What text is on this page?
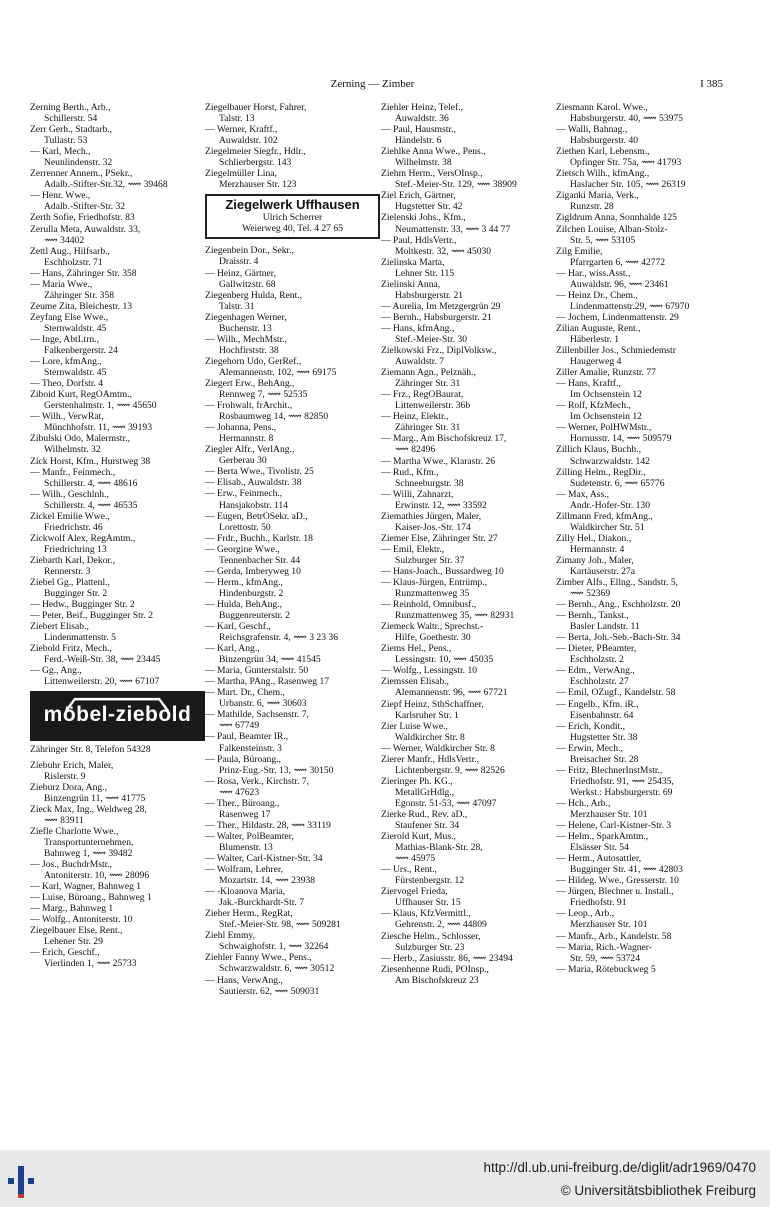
Zerning — Zimber	I 385
Zerning Berth., Arb.,
Schillerstr. 54
Zerr Gerh., Stadtarb.,
Tullastr. 53
— Karl, Mech.,
Neunlindenstr. 32
Zerrenner Annem., PSekr.,
Adalb.-Stifter-Str.32, ⟿ 39468
— Henr. Wwe.,
Adalb.-Stifter-Str. 32
Zerth Sofie, Friedhofstr. 83
Zerulla Meta, Auwaldstr. 33,
⟿ 34402
Zettl Aug., Hilfsarb.,
Eschholzstr. 71
— Hans, Zähringer Str. 358
— Maria Wwe.,
Zähringer Str. 358
Zeume Zita, Bleichestr. 13
Zeyfang Else Wwe.,
Sternwaldstr. 45
— Inge, AbtLtrn.,
Falkenbergerstr. 24
— Lore, kfmAng.,
Sternwaldstr. 45
— Theo, Dorfstr. 4
Ziboid Kurt, RegOAmtm.,
Gerstenhalmstr. 1, ⟿ 45650
— Wilh., VerwRat,
Münchhofstr. 11, ⟿ 39193
Zibulski Odo, Malermstr.,
Wilhelmstr. 32
Zick Horst, Kfm., Hurstweg 38
— Manfr., Feinmech.,
Schillerstr. 4, ⟿ 48616
— Wilh., Geschlnh.,
Schillerstr. 4, ⟿ 46535
Zickel Emilie Wwe.,
Friedrichstr. 46
Zickwolf Alex, RegAmtm.,
Friedrichring 13
Ziebarth Karl, Dekor.,
Rennerstr. 3
Ziebel Gg., Plattenl.,
Bugginger Str. 2
— Hedw., Bugginger Str. 2
— Peter, Beif., Bugginger Str. 2
Ziebert Elisab.,
Lindenmattenstr. 5
Ziebold Fritz, Mech.,
Ferd.-Weiß-Str. 38, ⟿ 23445
— Gg., Ang.,
Littenweilerstr. 20, ⟿ 67107
möbel-ziebold
Zähringer Str. 8, Telefon 54328
Ziebuhr Erich, Maler,
Rislerstr. 9
Zieburz Dora, Ang.,
Binzengrün 11, ⟿ 41775
Zieck Max, Ing., Weldweg 28,
⟿ 83911
Ziefle Charlotte Wwe.,
Transportunternehmen,
Bahnweg 1, ⟿ 39482
— Jos., BuchdrMstr.,
Antoniterstr. 10, ⟿ 28096
— Karl, Wagner, Bahnweg 1
— Luise, Büroang., Bahnweg 1
— Marg., Bahnweg 1
— Wolfg., Antoniterstr. 10
Ziegelbauer Else, Rent.,
Lehener Str. 29
— Erich, Geschf.,
Vierlinden 1, ⟿ 25733
Ziegelbauer Horst, Fahrer,
Talstr. 13
— Werner, Kraftf.,
Auwaldstr. 102
Ziegelmeier Siegfr., Hdlr.,
Schlierbergstr. 143
Ziegelmüller Lina,
Merzhauser Str. 123
Ziegelwerk Uffhausen
Ulrich Scherrer
Weierweg 40, Tel. 4 27 65
Ziegenbein Dor., Sekr.,
Draisstr. 4
— Heinz, Gärtner,
Gallwitzstr. 68
Ziegenberg Hulda, Rent.,
Talstr. 31
Ziegenhagen Werner,
Buchenstr. 13
— Wilh., MechMstr.,
Hochfirststr. 38
Ziegehorn Udo, GerRef.,
Alemannenstr. 102, ⟿ 69175
Ziegert Erw., BehAng.,
Rennweg 7, ⟿ 52535
— Frohwalt, frArchit.,
Rosbaumweg 14, ⟿ 82850
— Johanna, Pens.,
Hermannstr. 8
Ziegler Alfr., VerlAng.,
Gerberau 30
— Berta Wwe., Tivolistr. 25
— Elisab., Auwaldstr. 38
— Erw., Feinmech.,
Hansjakobstr. 114
— Eugen, BetrOSekr. aD.,
Lorettostr. 50
— Frdr., Buchh., Karlstr. 18
— Georgine Wwe.,
Tennenbacher Str. 44
— Gerda, Imberyweg 10
— Herm., kfmAng.,
Hindenburgstr. 2
— Hulda, BehAng.,
Buggenreuterstr. 2
— Karl, Geschf.,
Reichsgrafenstr. 4, ⟿ 3 23 36
— Karl, Ang.,
Binzengrün 34, ⟿ 41545
— Maria, Gunterstalstr. 50
— Martha, PAng., Rasenweg 17
— Mart. Dr., Chem.,
Urbanstr. 6, ⟿ 30603
— Mathilde, Sachsenstr. 7,
⟿ 67749
— Paul, Beamter IR.,
Falkensteinstr. 3
— Paula, Büroang.,
Prinz-Eug.-Str. 13, ⟿ 30150
— Rosa, Verk., Kirchstr. 7,
⟿ 47623
— Ther., Büroang.,
Rasenweg 17
— Ther., Hildastr. 28, ⟿ 33119
— Walter, PolBeamter,
Blumenstr. 13
— Walter, Carl-Kistner-Str. 34
— Wolfram, Lehrer,
Mozartstr. 14, ⟿ 23938
— -Kloanova Maria,
Jak.-Burckhardt-Str. 7
Zieher Herm., RegRat,
Stef.-Meier-Str. 98, ⟿ 509281
Ziehl Emmy,
Schwaighofstr. 1, ⟿ 32264
Ziehler Fanny Wwe., Pens.,
Schwarzwaldstr. 6, ⟿ 30512
— Hans, VerwAng.,
Sautierstr. 62, ⟿ 509031
Ziehler Heinz, Telef.,
Auwaldstr. 36
— Paul, Hausmstr.,
Händelstr. 6
Ziehlke Anna Wwe., Pens.,
Wilhelmstr. 38
Ziehm Herm., VersOInsp.,
Stef.-Meier-Str. 129, ⟿ 38909
Ziel Erich, Gärtner,
Hugstetter Str. 42
Zielenski Johs., Kfm.,
Neumattenstr. 33, ⟿ 3 44 77
— Paul, HdlsVertr.,
Moltkestr. 32, ⟿ 45030
Zielinska Marta,
Lehner Str. 115
Zielinski Anna,
Habsburgerstr. 21
— Aurelia, Im Metzgergrün 29
— Bernh., Habsburgerstr. 21
— Hans, kfmAng.,
Stef.-Meier-Str. 30
Zielkowski Frz., DiplVolksw.,
Auwaldstr. 7
Ziemann Agn., Pelznäh.,
Zähringer Str. 31
— Frz., RegOBaurat,
Littenweilerstr. 36b
— Heinz, Elektr.,
Zähringer Str. 31
— Marg., Am Bischofskreuz 17,
⟿ 82496
— Martha Wwe., Klarastr. 26
— Rud., Kfm.,
Schneeburgstr. 38
— Willi, Zahnarzt,
Erwinstr. 12, ⟿ 33592
Ziemathies Jürgen, Maler,
Kaiser-Jos.-Str. 174
Ziemer Else, Zähringer Str. 27
— Emil, Elektr.,
Sulzburger Str. 37
— Hans-Joach., Bussardweg 10
— Klaus-Jürgen, Entrümp.,
Runzmattenweg 35
— Reinhold, Omnibusf.,
Runzmattenweg 35, ⟿ 82931
Ziemeck Waltr., Sprechst.-
Hilfe, Goethestr. 30
Ziems Hel., Pens.,
Lessingstr. 10, ⟿ 45035
— Wolfg., Lessingstr. 10
Ziemssen Elisab.,
Alemannenstr. 96, ⟿ 67721
Ziepf Heinz, StbSchaffner,
Karlsruher Str. 1
Zier Luise Wwe.,
Waldkircher Str. 8
— Werner, Waldkircher Str. 8
Zierer Manfr., HdlsVertr.,
Lichtenbergstr. 9, ⟿ 82526
Zieringer Ph. KG.,
MetallGrHdlg.,
Egonstr. 51-53, ⟿ 47097
Zierke Rud., Rev. aD.,
Staufener Str. 34
Zierold Kurt, Mus.,
Mathias-Blank-Str. 28,
⟿ 45975
— Urs., Rent.,
Fürstenbergstr. 12
Ziervogel Frieda,
Uffhauser Str. 15
— Klaus, KfzVermittl.,
Gehrenstr. 2, ⟿ 44809
Ziesche Helm., Schlosser,
Sulzburger Str. 23
— Herb., Zasiusstr. 86, ⟿ 23494
Ziesenhenne Rudi, POInsp.,
Am Bischofskreuz 23
Ziesmann Karol. Wwe.,
Habsburgerstr. 40, ⟿ 53975
— Walli, Bahnag.,
Habsburgerstr. 40
Ziethen Karl, Lebensm.,
Opfinger Str. 75a, ⟿ 41793
Zietsch Wilh., kfmAng.,
Haslacher Str. 105, ⟿ 26319
Ziganki Maria, Verk.,
Runzstr. 28
Zigldrum Anna, Sonnhalde 125
Zilchen Louise, Alban-Stolz-
Str. 5, ⟿ 53105
Zilg Emilie,
Pfarrgarten 6, ⟿ 42772
— Har., wiss.Asst.,
Auwaldstr. 96, ⟿ 23461
— Heinz Dr., Chem.,
Lindenmattenstr.29, ⟿ 67970
— Jochem, Lindenmattenstr. 29
Zilian Auguste, Rent.,
Häberlestr. 1
Zillenbiller Jos., Schmiedemstr
Haugerweg 4
Ziller Amalie, Runzstr. 77
— Hans, Kraftf.,
Im Ochsenstein 12
— Rolf, KfzMech.,
Im Ochsenstein 12
— Werner, PolHWMstr.,
Hornusstr. 14, ⟿ 509579
Zillich Klaus, Buchh.,
Schwarzwaldstr. 142
Zilling Helm., RegDir.,
Sudetenstr. 6, ⟿ 65776
— Max, Ass.,
Andr.-Hofer-Str. 130
Zillmann Fred, kfmAng.,
Waldkircher Str. 51
Zilly Hel., Diakon.,
Hermannstr. 4
Zimany Joh., Maler,
Kartäuserstr. 27a
Zimber Alfs., Ellng., Sandstr. 5,
⟿ 52369
— Bernh., Ang., Eschholzstr. 20
— Bernh., Tankst.,
Basler Landstr. 11
— Berta, Joh.-Seb.-Bach-Str. 34
— Dieter, PBeamter,
Eschholzstr. 2
— Edm., VerwAng.,
Eschholzstr. 27
— Emil, OZugf., Kandelstr. 58
— Engelb., Kfm. iR.,
Eisenbahnstr. 64
— Erich, Kondit.,
Hugstetter Str. 38
— Erwin, Mech.,
Breisacher Str. 28
— Fritz, BlechnerInstMstr.,
Friedhofstr. 91, ⟿ 25435,
Werkst.: Habsburgerstr. 69
— Hch., Arb.,
Merzhauser Str. 101
— Helene, Carl-Kistner-Str. 3
— Helm., SparkAmtm.,
Elsässer Str. 54
— Herm., Autosattler,
Bugginger Str. 41, ⟿ 42803
— Hildeg. Wwe., Gresserstr. 10
— Jürgen, Blechner u. Install.,
Friedhofstr. 91
— Leop., Arb.,
Merzhauser Str. 101
— Manfr., Arb., Kandelstr. 58
— Maria, Rich.-Wagner-
Str. 59, ⟿ 53724
— Maria, Rötebuckweg 5
http://dl.ub.uni-freiburg.de/diglit/adr1969/0470
© Universitätsbibliothek Freiburg
